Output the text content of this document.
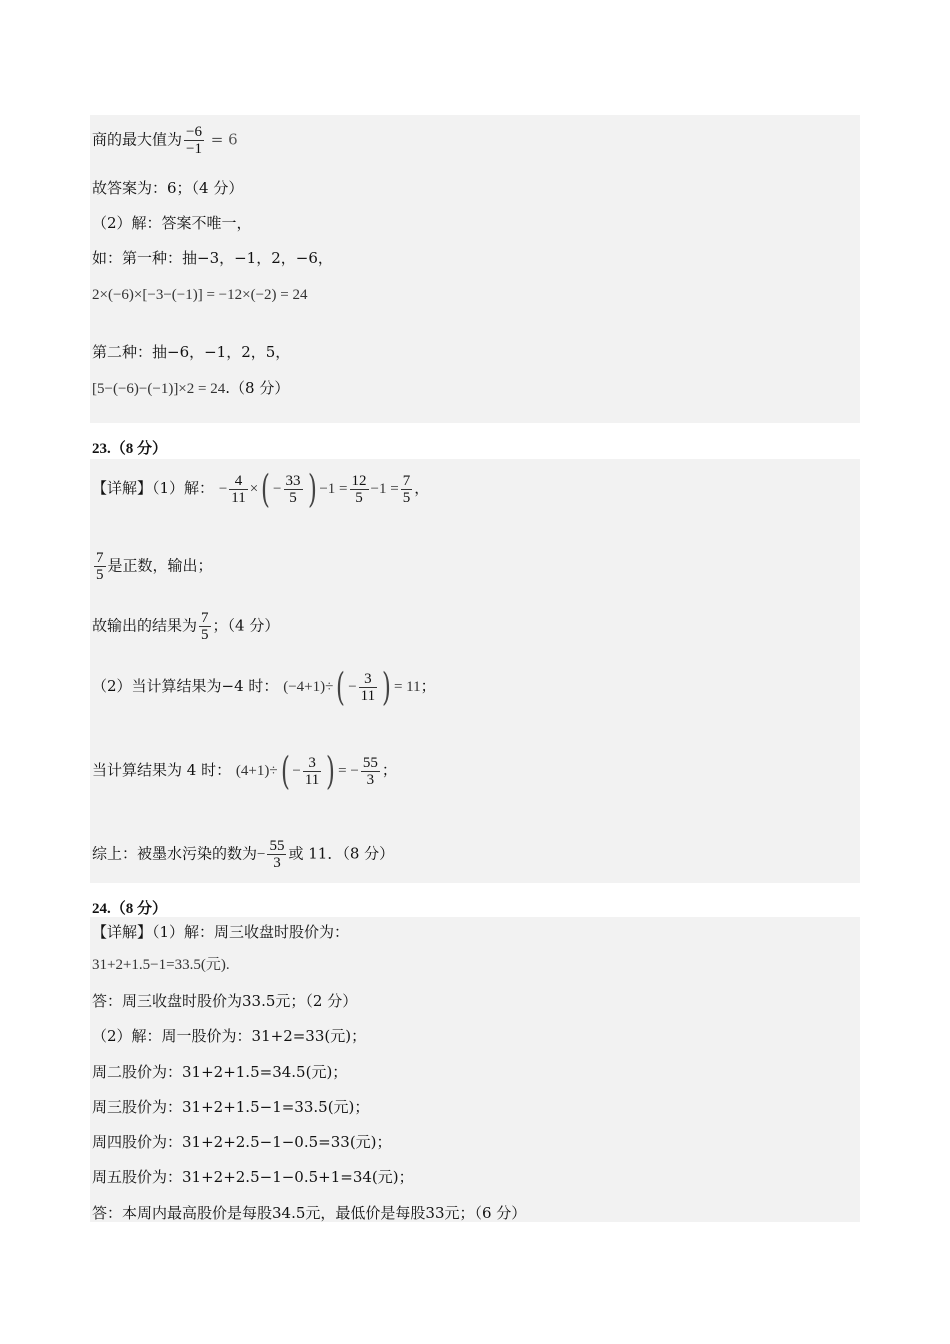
商的最大值为 $\frac{-6}{-1} = 6$
故答案为：6；（4 分）
（2）解：答案不唯一，
如：第一种：抽−3，−1，2，−6，
2×(−6)×[−3−(−1)] = −12×(−2) = 24
第二种：抽−6，−1，2，5，
[5−(−6)−(−1)]×2 = 24.（8 分）
23.（8 分）
【详解】（1）解： − $\frac{4}{11}$ ×( − $\frac{33}{5}$ ) $-1 = \frac{12}{5} -1 = \frac{7}{5}$ ，
$\frac{7}{5}$ 是正数，输出；
故输出的结果为 $\frac{7}{5}$ ；（4 分）
（2）当计算结果为−4 时： $(-4+1)\div( - \frac{3}{11}$ ) = 11；
当计算结果为 4 时： $(4+1)\div( - \frac{3}{11}$ ) = − $\frac{55}{3}$ ；
综上：被墨水污染的数为− $\frac{55}{3}$ 或 11．（8 分）
24.（8 分）
【详解】（1）解：周三收盘时股价为：
31+2+1.5−1=33.5(元).
答：周三收盘时股价为33.5元；（2 分）
（2）解：周一股价为：31+2=33(元)；
周二股价为：31+2+1.5=34.5(元)；
周三股价为：31+2+1.5−1=33.5(元)；
周四股价为：31+2+2.5−1−0.5=33(元)；
周五股价为：31+2+2.5−1−0.5+1=34(元)；
答：本周内最高股价是每股34.5元，最低价是每股33元；（6 分）
